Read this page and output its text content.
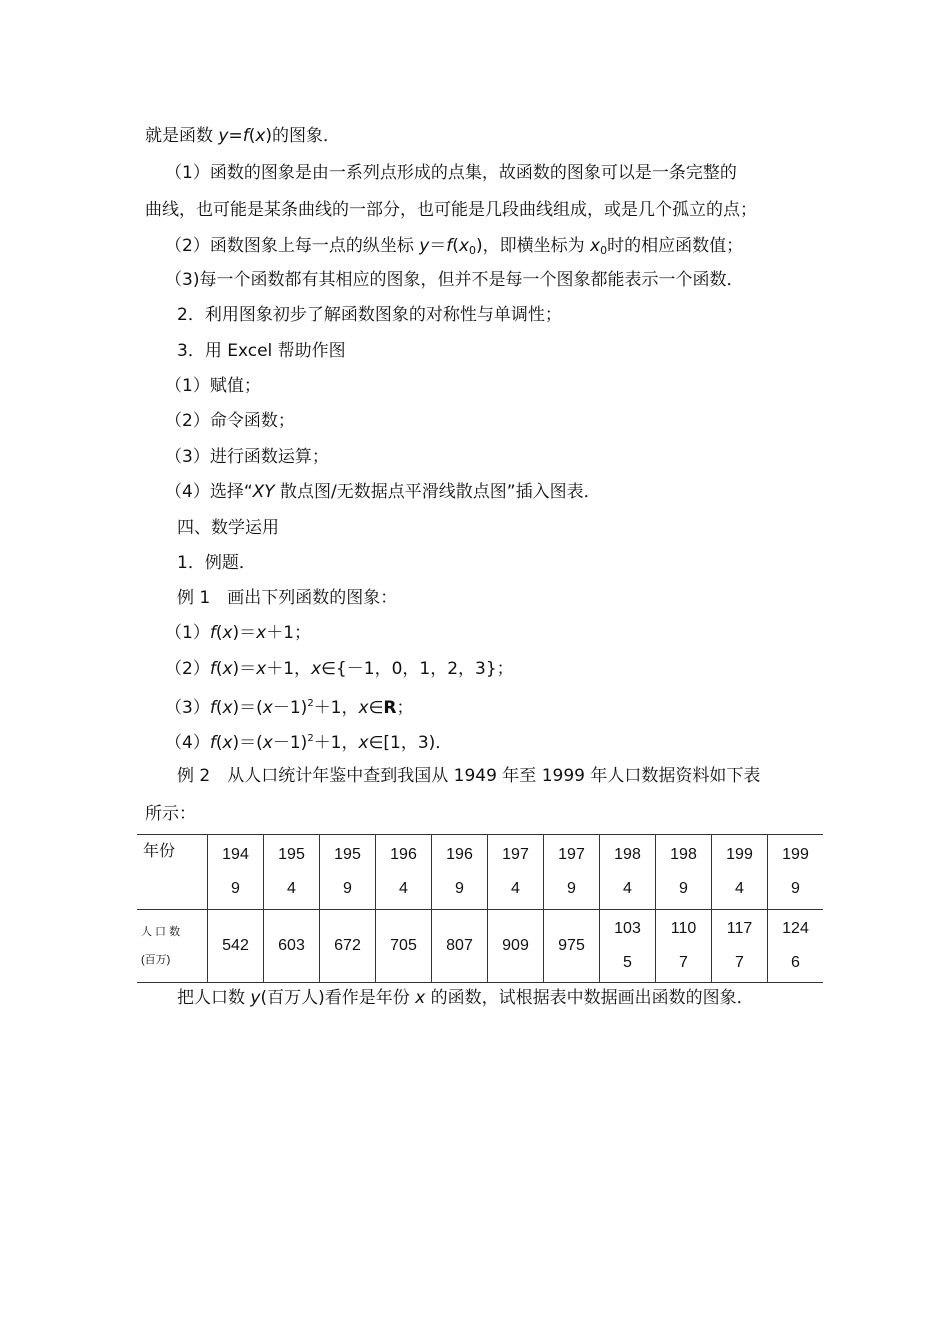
就是函数 y=f(x)的图象．
（1）函数的图象是由一系列点形成的点集，故函数的图象可以是一条完整的
曲线，也可能是某条曲线的一部分，也可能是几段曲线组成，或是几个孤立的点；
（2）函数图象上每一点的纵坐标 $y=f(x_0)$，即横坐标为 $x_0$时的相应函数值；
（3)每一个函数都有其相应的图象，但并不是每一个图象都能表示一个函数．
2．利用图象初步了解函数图象的对称性与单调性；
3．用 Excel 帮助作图
（1）赋值；
（2）命令函数；
（3）进行函数运算；
（4）选择“XY 散点图/无数据点平滑线散点图”插入图表．
四、数学运用
1．例题．
例 1　画出下列函数的图象：
（1）f(x)＝x＋1；
（2）f(x)＝x＋1，x∈{－1，0，1，2，3}；
$(3)f(x)=(x-1)^2+1$，x∈R；
$(4)f(x)=(x-1)^2+1$，x∈[1，3)．
例 2　从人口统计年鉴中查到我国从 1949 年至 1999 年人口数据资料如下表
所示：
年份	1949	1954	1959	1964	1969	1974	1979	1984	1989	1994	1999

人 口 数
(百万)	542	603	672	705	807	909	975	1035	1107	1177	1246
把人口数 y(百万人)看作是年份 x 的函数，试根据表中数据画出函数的图象．
